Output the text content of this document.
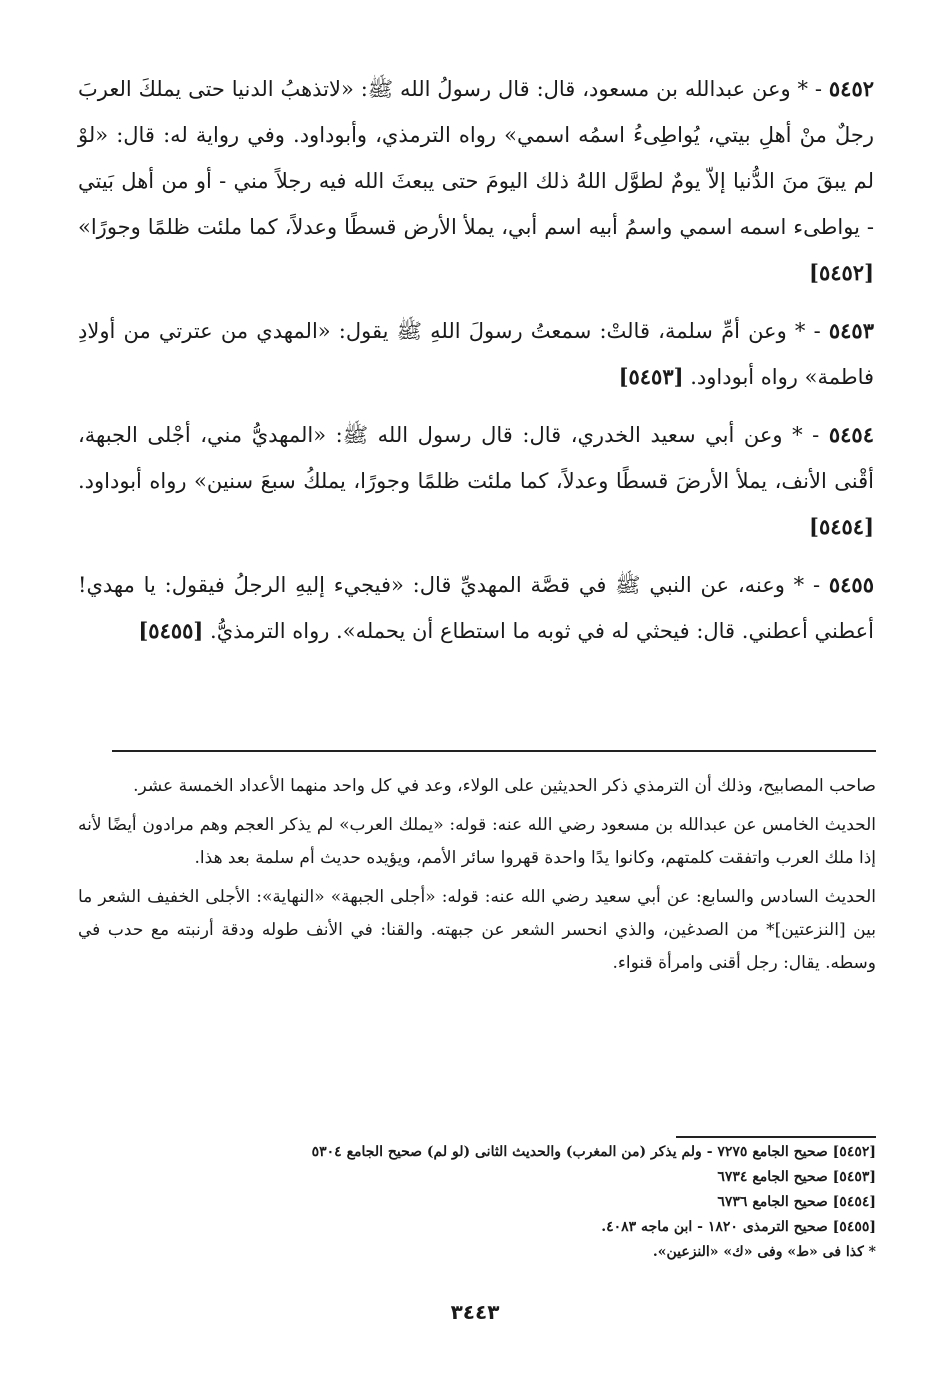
٥٤٥٢ - * وعن عبدالله بن مسعود، قال: قال رسولُ الله ﷺ: «لاتذهبُ الدنيا حتى يملكَ العربَ رجلٌ منْ أهلِ بيتي، يُواطِىءُ اسمُه اسمي» رواه الترمذي، وأبوداود. وفي رواية له: قال: «لوْ لم يبقَ منَ الدُّنيا إلاّ يومٌ لطوَّل اللهُ ذلك اليومَ حتى يبعثَ الله فيه رجلاً مني - أو من أهل بَيتي - يواطىء اسمه اسمي واسمُ أبيه اسم أبي، يملأ الأرض قسطًا وعدلاً، كما ملئت ظلمًا وجورًا» [٥٤٥٢]

٥٤٥٣ - * وعن أمِّ سلمة، قالتْ: سمعتُ رسولَ اللهِ ﷺ يقول: «المهدي من عترتي من أولادِ فاطمة» رواه أبوداود. [٥٤٥٣]

٥٤٥٤ - * وعن أبي سعيد الخدري، قال: قال رسول الله ﷺ: «المهديُّ مني، أجْلى الجبهة، أقْنى الأنف، يملأ الأرضَ قسطًا وعدلاً، كما ملئت ظلمًا وجورًا، يملكُ سبعَ سنين» رواه أبوداود. [٥٤٥٤]

٥٤٥٥ - * وعنه، عن النبي ﷺ في قصَّة المهديِّ قال: «فيجيء إليهِ الرجلُ فيقول: يا مهدي! أعطني أعطني. قال: فيحثي له في ثوبه ما استطاع أن يحمله». رواه الترمذيُّ. [٥٤٥٥]

صاحب المصابيح، وذلك أن الترمذي ذكر الحديثين على الولاء، وعد في كل واحد منهما الأعداد الخمسة عشر.

الحديث الخامس عن عبدالله بن مسعود رضي الله عنه: قوله: «يملك العرب» لم يذكر العجم وهم مرادون أيضًا لأنه إذا ملك العرب واتفقت كلمتهم، وكانوا يدًا واحدة قهروا سائر الأمم، ويؤيده حديث أم سلمة بعد هذا.

الحديث السادس والسابع: عن أبي سعيد رضي الله عنه: قوله: «أجلى الجبهة» «النهاية»: الأجلى الخفيف الشعر ما بين [النزعتين]* من الصدغين، والذي انحسر الشعر عن جبهته. والقنا: في الأنف طوله ودقة أرنبته مع حدب في وسطه. يقال: رجل أقنى وامرأة قنواء.

[٥٤٥٢] صحيح الجامع ٧٢٧٥ - ولم يذكر (من المغرب) والحديث الثانى (لو لم) صحيح الجامع ٥٣٠٤

[٥٤٥٣] صحيح الجامع ٦٧٣٤

[٥٤٥٤] صحيح الجامع ٦٧٣٦

[٥٤٥٥] صحيح الترمذى ١٨٢٠ - ابن ماجه ٤٠٨٣.

* كذا فى «ط» وفى «ك» «النزعين».

٣٤٤٣
